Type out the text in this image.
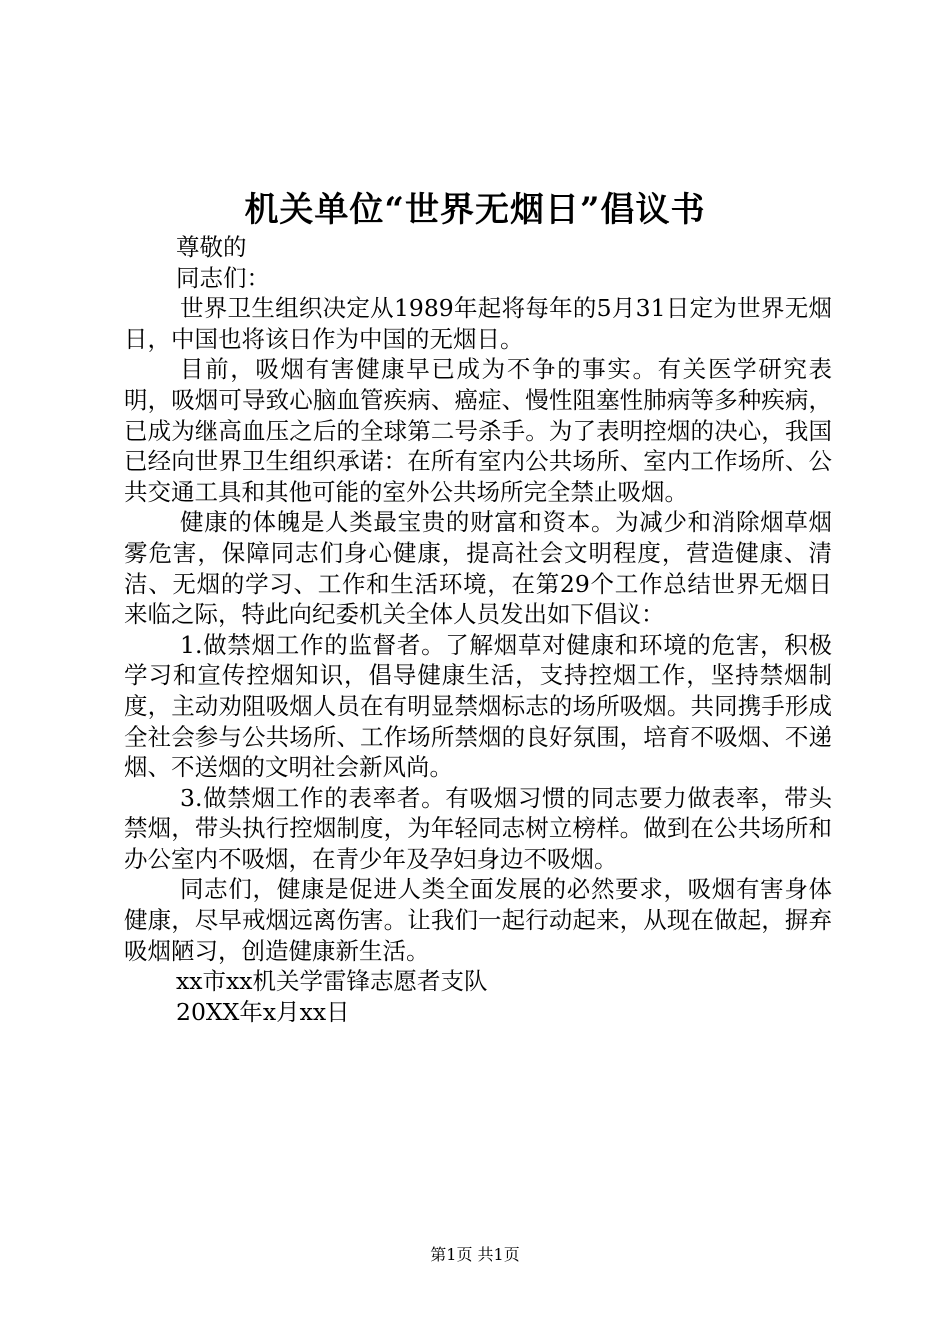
机关单位“世界无烟日”倡议书

尊敬的

同志们：

世界卫生组织决定从1989年起将每年的5月31日定为世界无烟日，中国也将该日作为中国的无烟日。

目前，吸烟有害健康早已成为不争的事实。有关医学研究表明，吸烟可导致心脑血管疾病、癌症、慢性阻塞性肺病等多种疾病，已成为继高血压之后的全球第二号杀手。为了表明控烟的决心，我国已经向世界卫生组织承诺：在所有室内公共场所、室内工作场所、公共交通工具和其他可能的室外公共场所完全禁止吸烟。

健康的体魄是人类最宝贵的财富和资本。为减少和消除烟草烟雾危害，保障同志们身心健康，提高社会文明程度，营造健康、清洁、无烟的学习、工作和生活环境，在第29个工作总结世界无烟日来临之际，特此向纪委机关全体人员发出如下倡议：

1.做禁烟工作的监督者。了解烟草对健康和环境的危害，积极学习和宣传控烟知识，倡导健康生活，支持控烟工作，坚持禁烟制度，主动劝阻吸烟人员在有明显禁烟标志的场所吸烟。共同携手形成全社会参与公共场所、工作场所禁烟的良好氛围，培育不吸烟、不递烟、不送烟的文明社会新风尚。

3.做禁烟工作的表率者。有吸烟习惯的同志要力做表率，带头禁烟，带头执行控烟制度，为年轻同志树立榜样。做到在公共场所和办公室内不吸烟，在青少年及孕妇身边不吸烟。

同志们，健康是促进人类全面发展的必然要求，吸烟有害身体健康，尽早戒烟远离伤害。让我们一起行动起来，从现在做起，摒弃吸烟陋习，创造健康新生活。

xx市xx机关学雷锋志愿者支队

20XX年x月xx日

第1页 共1页
